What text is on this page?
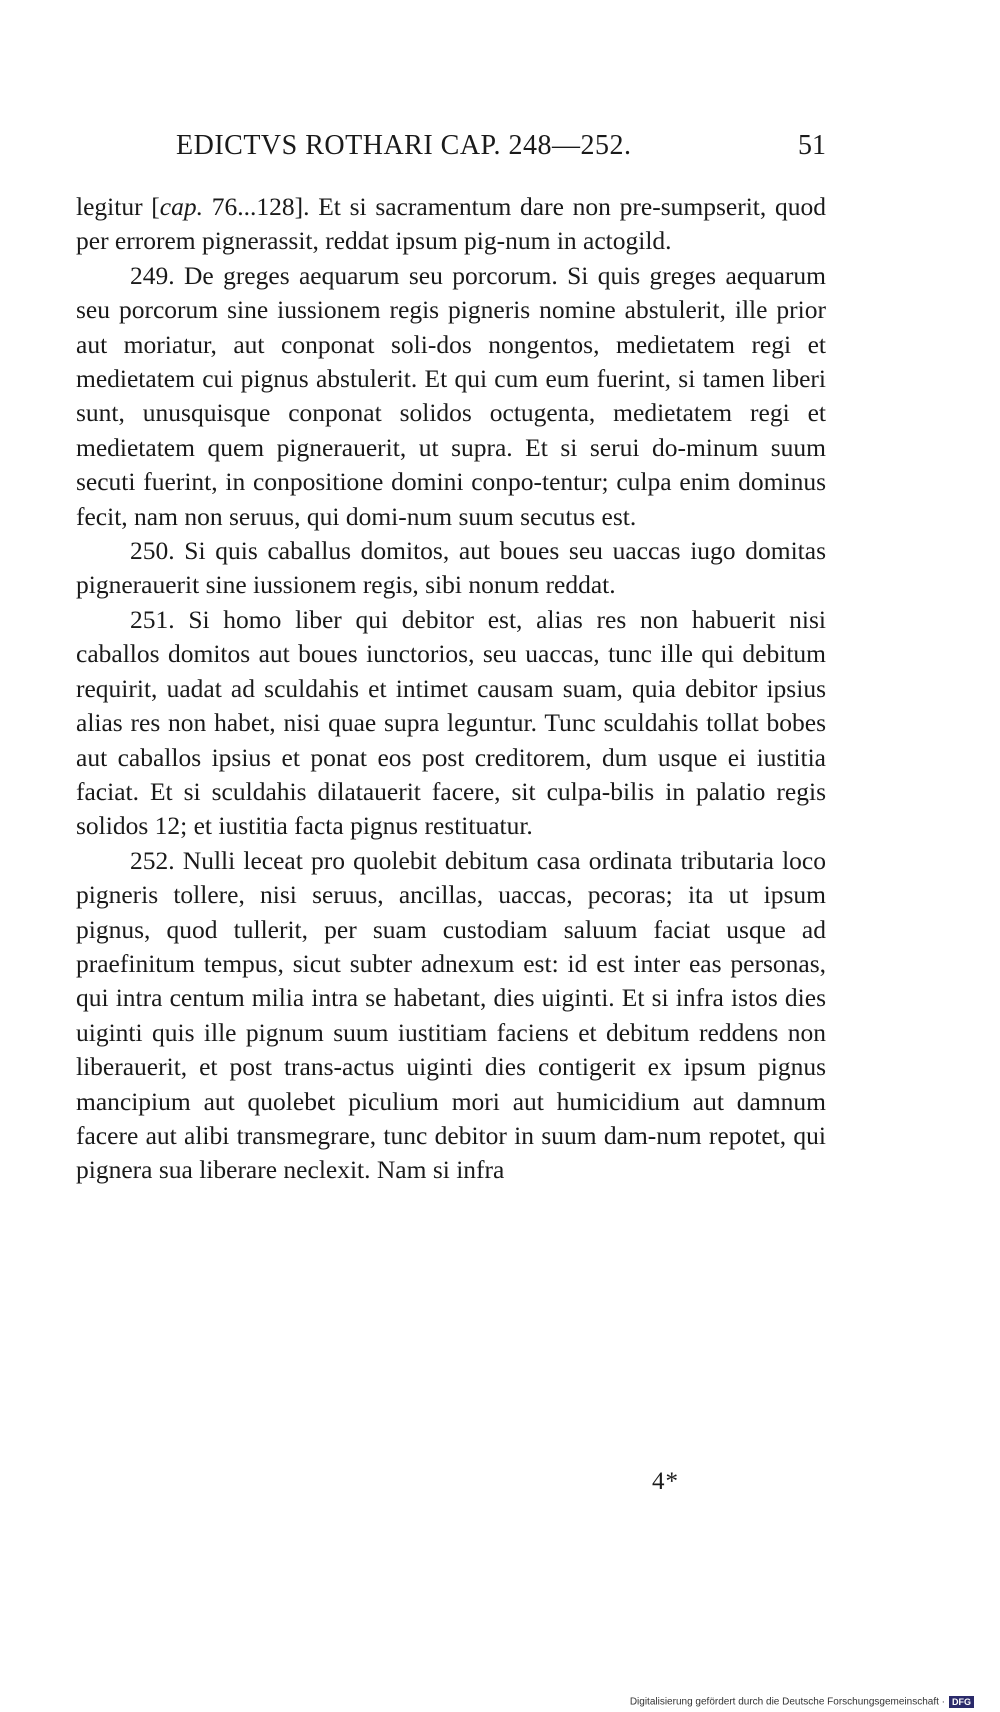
EDICTVS ROTHARI CAP. 248—252.	51

legitur [cap. 76...128]. Et si sacramentum dare non pre-sumpserit, quod per errorem pignerassit, reddat ipsum pig-num in actogild.

249. De greges aequarum seu porcorum. Si quis greges aequarum seu porcorum sine iussionem regis pigneris nomine abstulerit, ille prior aut moriatur, aut conponat soli-dos nongentos, medietatem regi et medietatem cui pignus abstulerit. Et qui cum eum fuerint, si tamen liberi sunt, unusquisque conponat solidos octugenta, medietatem regi et medietatem quem pignerauerit, ut supra. Et si serui do-minum suum secuti fuerint, in conpositione domini conpo-tentur; culpa enim dominus fecit, nam non seruus, qui domi-num suum secutus est.

250. Si quis caballus domitos, aut boues seu uaccas iugo domitas pignerauerit sine iussionem regis, sibi nonum reddat.

251. Si homo liber qui debitor est, alias res non habuerit nisi caballos domitos aut boues iunctorios, seu uaccas, tunc ille qui debitum requirit, uadat ad sculdahis et intimet causam suam, quia debitor ipsius alias res non habet, nisi quae supra leguntur. Tunc sculdahis tollat bobes aut caballos ipsius et ponat eos post creditorem, dum usque ei iustitia faciat. Et si sculdahis dilatauerit facere, sit culpa-bilis in palatio regis solidos 12; et iustitia facta pignus restituatur.

252. Nulli leceat pro quolebit debitum casa ordinata tributaria loco pigneris tollere, nisi seruus, ancillas, uaccas, pecoras; ita ut ipsum pignus, quod tullerit, per suam custodiam saluum faciat usque ad praefinitum tempus, sicut subter adnexum est: id est inter eas personas, qui intra centum milia intra se habetant, dies uiginti. Et si infra istos dies uiginti quis ille pignum suum iustitiam faciens et debitum reddens non liberauerit, et post trans-actus uiginti dies contigerit ex ipsum pignus mancipium aut quolebet piculium mori aut humicidium aut damnum facere aut alibi transmegrare, tunc debitor in suum dam-num repotet, qui pignera sua liberare neclexit. Nam si infra

4*
Digitalisierung gefördert durch die Deutsche Forschungsgemeinschaft · DFG
